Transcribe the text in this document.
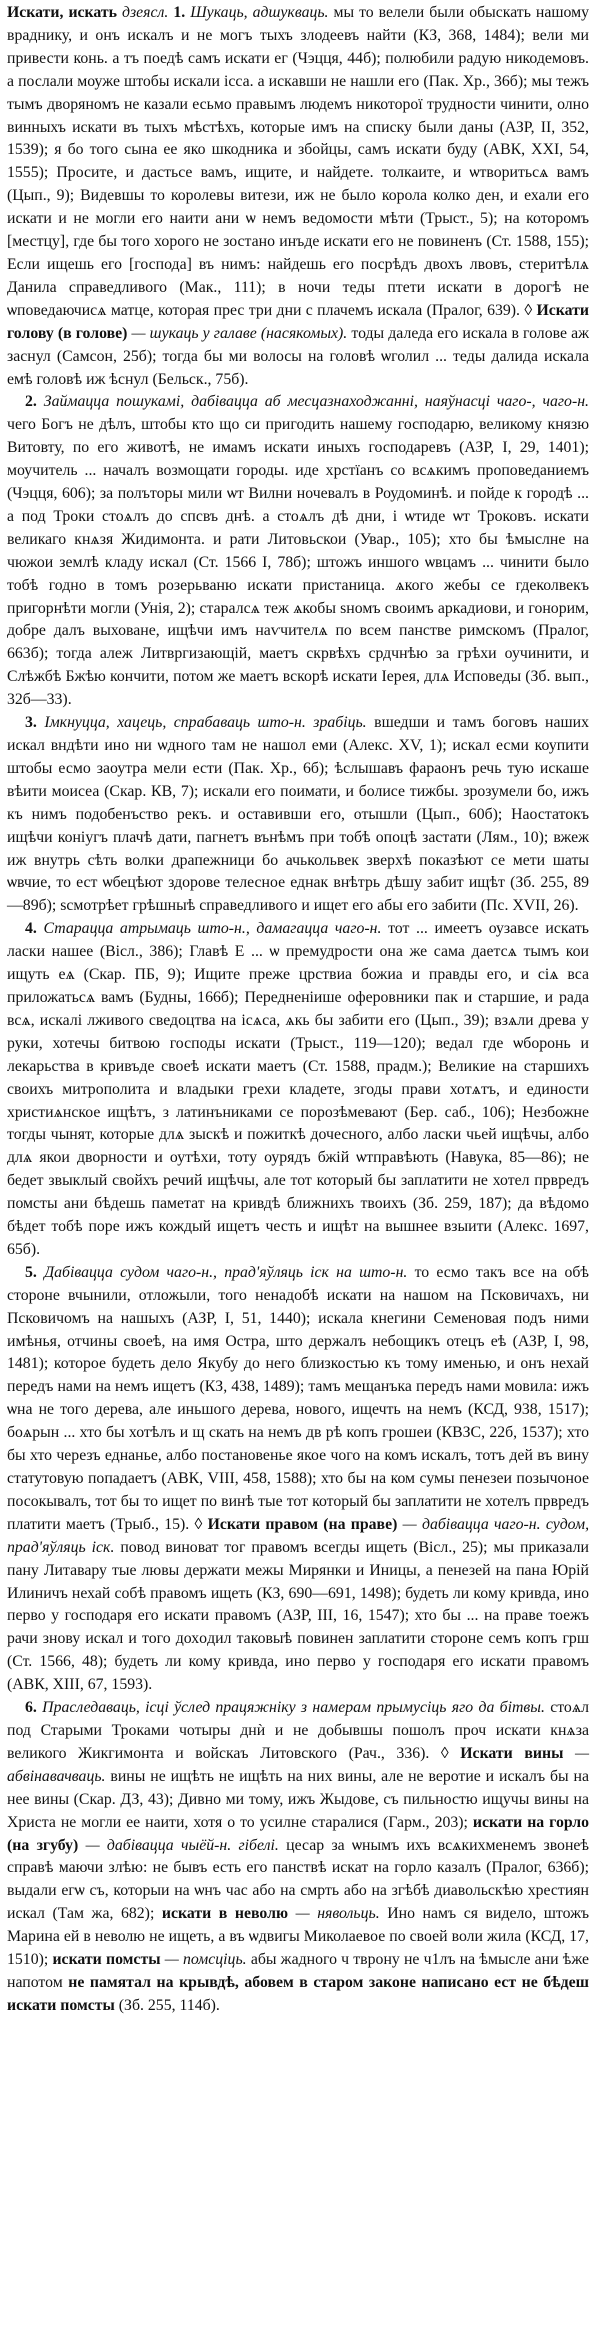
Искати, искать дзеясл. 1. Шукаць, адшукваць. мы то велели были обыскать нашому враднику, и онъ искалъ и не могъ тыхъ злодеевъ найти (КЗ, 368, 1484); вели ми привести конь. а тъ поедѣ самъ искати ег (Чэцця, 44б); полюбили радую никодемовъ. а послали моуже штобы искали ісса. а искавши не нашли его (Пак. Хр., 36б); мы тежъ тымъ дворяномъ не казали есьмо правымъ людемъ никоторої трудности чинити, олно винныхъ искати въ тыхъ мѣстѣхъ, которые имъ на списку были даны (АЗР, II, 352, 1539); я бо того сына ее яко шкодника и збойцы, самъ искати буду (АВК, XXI, 54, 1555); Просите, и дастьсе вамъ, ищите, и найдете. толкаите, и ѡтворитьсѧ вамъ (Цып., 9); Видевшы то королевы витези, иж не было корола колко ден, и ехали его искати и не могли его наити ани ѡ немъ ведомости мѣти (Трыст., 5); на которомъ [местцу], где бы того хорого не зостано инъде искати его не повиненъ (Ст. 1588, 155); Если ищешь его [господа] въ нимъ: найдешь его посрѣдъ двохъ лвовъ, стеритѣлѧ Данила справедливого (Мак., 111); в ночи теды птети искати в дорогѣ не ѡповедаючисѧ матце, которая прес три дни с плачемъ искала (Пралог, 639). ◊ Искати голову (в голове) — шукаць у галаве (насякомых). тоды даледа его искала в голове аж заснул (Самсон, 25б); тогда бы ми волосы на головѣ ѡголил ... теды далида искала емѣ головѣ иж ѣснул (Бельск., 75б).

2. Займацца пошукамі, дабівацца аб месцазнаходжанні, наяўнасці чаго-, чаго-н. чего Богъ не дѣлъ, штобы кто що си пригодить нашему господарю, великому князю Витовту, по его животѣ, не имамъ искати иныхъ господаревъ (АЗР, I, 29, 1401); моучитель ... началъ возмощати городы. иде хрстїанъ со всѧкимъ проповеданиемъ (Чэцця, 606); за полъторы мили ѡт Вилни ночевалъ в Роудоминѣ. и пойде к городѣ ... а под Троки стоѧлъ до спсвъ днѣ. а стоѧлъ дѣ дни, і ѡтиде ѡт Троковъ. искати великаго кнѧзя Жидимонта. и рати Литовьскои (Увар., 105); хто бы ѣмыслне на чюжои землѣ кладу искал (Ст. 1566 I, 78б); штожъ иншого ѡвцамъ ... чинити было тобѣ годно в томъ розерьваню искати пристаница. ѧкого жебы се гдеколвекъ пригорнѣти могли (Унія, 2); старалсѧ теж ѧкобы ѕномъ своимъ аркадиови, и гонорим, добре далъ выховане, ищѣчи имъ наѵчителѧ по всем панстве римскомъ (Пралог, 663б); тогда алеж Литвргизающій, маетъ скрвѣхъ срдчнѣю за грѣхи оучинити, и Слѣжбѣ Бжѣю кончити, потом же маетъ вскорѣ искати Іерея, длѧ Исповеды (Зб. вып., 32б—33).

3. Імкнуцца, хацець, спрабаваць што-н. зрабіць. вшедши и тамъ боговъ наших искал вндѣти ино ни ѡдного там не нашол еми (Алекс. XV, 1); искал есми коупити штобы есмо заоутра мели ести (Пак. Хр., 6б); ѣслышавъ фараонъ речь тую искаше вѣити моисеа (Скар. КВ, 7); искали его поимати, и болисе тижбы. зрозумели бо, ижъ къ нимъ подобенъство рекъ. и оставивши его, отышли (Цып., 60б); Наостатокъ ищѣчи коніугъ плачѣ дати, пагнетъ вънѣмъ при тобѣ опоцѣ застати (Лям., 10); вжеж иж внутрь сѣть волки драпежници бо ачькольвек зверхѣ показѣют се мети шаты ѡвчие, то ест ѡбецѣют здорове телесное еднак внѣтрь дѣшу забит ищѣт (Зб. 255, 89—89б); ѕсмотрѣет грѣшныѣ справедливого и ищет его абы его забити (Пс. XVII, 26).

4. Стараццa атрымаць што-н., дамагацца чаго-н. тот ... имеетъ оузавсе искать ласки нашее (Вісл., 386); Главѣ Е ... ѡ премудрости она же сама даетсѧ тымъ кои ищуть еѧ (Скар. ПБ, 9); Ищите преже црствиа божиа и правды его, и сіѧ вса приложатьсѧ вамъ (Будны, 166б); Передненіише оферовники пак и старшие, и рада всѧ, искалі лживого сведоцтва на ісѧса, ѧкь бы забити его (Цып., 39); взѧли древа у руки, хотечы битвою господы искати (Трыст., 119—120); ведал где ѡборонь и лекарьства в кривъде своеѣ искати маетъ (Ст. 1588, прадм.); Великие на старшихъ своихъ митрополита и владыки грехи кладете, згоды прави хотѧтъ, и единости христиѧнское ищѣтъ, з латинъниками се порозѣмевают (Бер. саб., 106); Незбожне тогды чынят, которые длѧ зыскѣ и пожиткѣ дочесного, албо ласки чьей ищѣчы, албо длѧ якои дворности и оутѣхи, тоту оурядъ бжій ѡтправѣють (Навука, 85—86); не бедет звыклый свойхъ речий ищѣчы, але тот который бы заплатити не хотел првредъ помсты ани бѣдешь паметат на кривдѣ ближнихъ твоихъ (Зб. 259, 187); да вѣдомо бѣдет тобѣ поре ижъ кождый ищетъ честь и ищѣт на вышнее взыити (Алекс. 1697, 65б).

5. Дабівацца судом чаго-н., прад'яўляць іск на што-н. то есмо такъ все на обѣ стороне вчынили, отложыли, того ненадобѣ искати на нашом на Псковичахъ, ни Псковичомъ на нашыхъ (АЗР, I, 51, 1440); искала кнегини Семеновая подъ ними имѣнья, отчины своеѣ, на имя Остра, што держалъ небощикъ отецъ еѣ (АЗР, I, 98, 1481); которое будеть дело Якубу до него близкостью къ тому именью, и онъ нехай передъ нами на немъ ищетъ (КЗ, 438, 1489); тамъ мещанъка передъ нами мовила: ижъ ѡна не того дерева, але иньшого дерева, нового, ищечть на немъ (КСД, 938, 1517); боѧрын ... хто бы хотѣлъ и щ скать на немъ дв рѣ копъ грошеи (КВЗС, 22б, 1537); хто бы хто черезъ еднанье, албо постановенье якое чого на комъ искалъ, тотъ дей въ вину статутовую попадаетъ (АВК, VIII, 458, 1588); хто бы на ком сумы пенезеи позычоное посокывалъ, тот бы то ищет по винѣ тые тот который бы заплатити не хотелъ првредъ платити маетъ (Трыб., 15). ◊ Искати правом (на праве) — дабівацца чаго-н. судом, прад'яўляць іск. повод виноват тог правомъ всегды ищеть (Вісл., 25); мы приказали пану Литавару тые лювы держати межы Мирянки и Иницы, а пенезей на пана Юрій Илиничъ нехай собѣ правомъ ищеть (КЗ, 690—691, 1498); будеть ли кому кривда, ино перво у господаря его искати правомъ (АЗР, III, 16, 1547); хто бы ... на праве тоежъ рачи знову искал и того дохoдил таковыѣ повинен заплатити стороне семъ копъ грш (Ст. 1566, 48); будеть ли кому кривда, ино перво у господаря его искати правомъ (АВК, XIII, 67, 1593).

6. Праследаваць, ісці ўслед працяжніку з намерам прымусіць яго да бітвы. стоѧл под Старыми Троками чотыры днѝ и не добывшы пошолъ проч искати кнѧза великого Жикгимонта и войскаъ Литовского (Рач., 336). ◊ Искати вины — абвінавачваць. вины не ищѣть не ищѣть на них вины, але не веротие и искалъ бы на нее вины (Скар. ДЗ, 43); Дивно ми тому, ижъ Жыдове, съ пильностю ищучы вины на Христа не могли ее наити, хотя о то усилне старалися (Гарм., 203); искати на горло (на згубу) — дабівацца чыёй-н. гібелі. цесар за ѡнымъ ихъ всѧкихменемъ звонеѣ справѣ маючи злѣю: не бывъ есть его панствѣ искат на горло казалъ (Пралог, 636б); выдали егѡ съ, которыи на ѡнъ час або на смрть або на згѣбѣ диавольскѣю хрестиян искал (Там жа, 682); искати в неволю — нявольць. Ино намъ ся видело, штожъ Марина ей в неволю не ищеть, а въ ѡдвигы Миколаевое по своей воли жила (КСД, 17, 1510); искати помсты — помсціць. абы жадного ч тврону не ч1лъ на ѣмысле ани ѣже напотом не памятал на крывдѣ, абовем в старом законе написано ест не бѣдеш искати помсты (Зб. 255, 114б).
